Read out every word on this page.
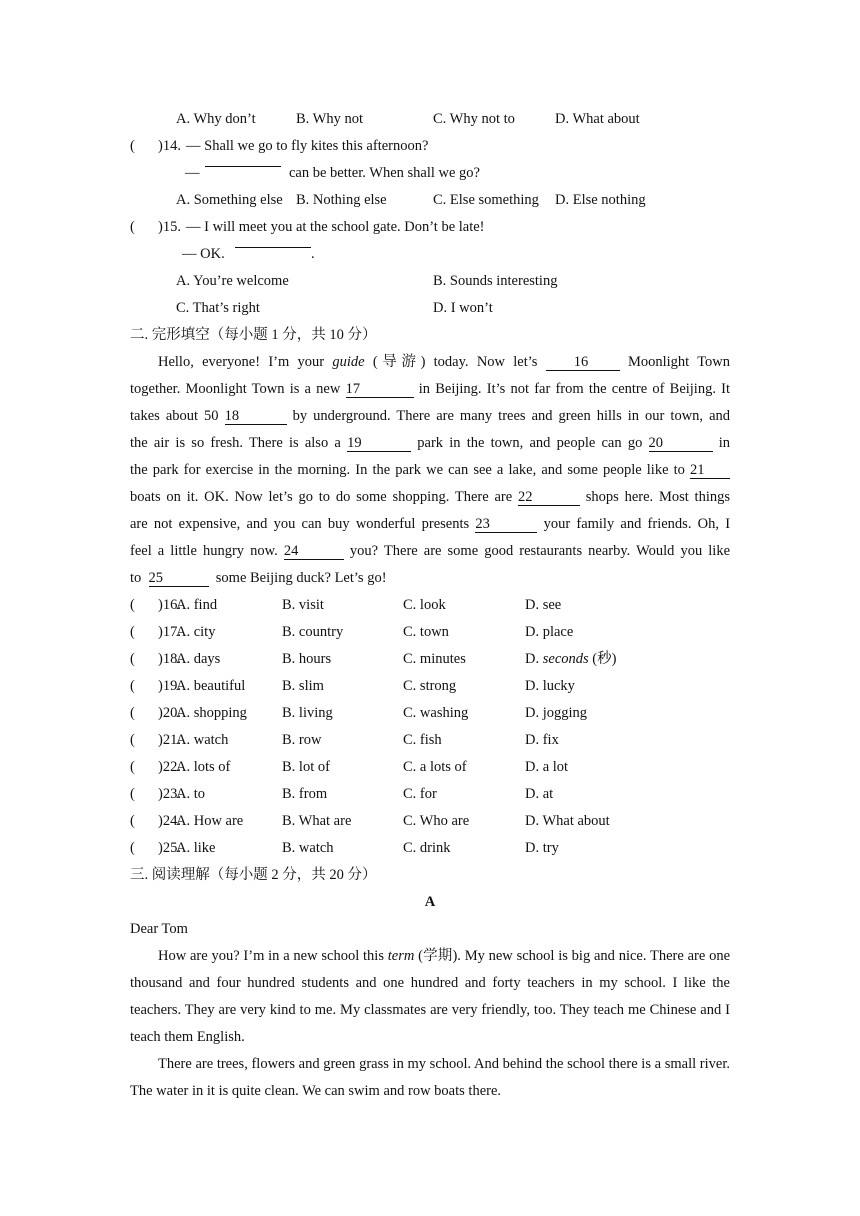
A. Why don’t	B. Why not	C. Why not to	D. What about
( )14. — Shall we go to fly kites this afternoon?
—	can be better. When shall we go?
A. Something else B. Nothing else	C. Else something D. Else nothing
( )15. — I will meet you at the school gate. Don’t be late!
— OK.	.
A. You’re welcome	B. Sounds interesting
C. That’s right	D. I won’t
二. 完形填空（每小题 1 分，共 10 分）
Hello, everyone! I’m your guide (导游) today. Now let’s	16	Moonlight Town
together. Moonlight Town is a new 17	in Beijing. It’s not far from the centre of Beijing. It
takes about 50 18	by underground. There are many trees and green hills in our town, and
the air is so fresh. There is also a 19	park in the town, and people can go 20	in
the park for exercise in the morning. In the park we can see a lake, and some people like to 21
boats on it. OK. Now let’s go to do some shopping. There are 22	shops here. Most things
are not expensive, and you can buy wonderful presents 23	your family and friends. Oh, I
feel a little hungry now. 24	you? There are some good restaurants nearby. Would you like
to 25	some Beijing duck? Let’s go!
( )16.
A. find	B. visit	C. look	D. see
( )17.
A. city	B. country	C. town	D. place
( )18.
A. days	B. hours	C. minutes	D. seconds (秒)
( )19.
A. beautiful	B. slim	C. strong	D. lucky
( )20.
A. shopping B. living	C. washing	D. jogging
( )21.
A. watch	B. row	C. fish	D. fix
( )22.
A. lots of	B. lot of	C. a lots of	D. a lot
( )23.
A. to	B. from	C. for	D. at
( )24.
A. How are	B. What are	C. Who are	D. What about
( )25.
A. like	B. watch	C. drink	D. try
三. 阅读理解（每小题 2 分，共 20 分）
A
Dear Tom
How are you? I’m in a new school this term (学期). My new school is big and nice. There are one thousand and four hundred students and one hundred and forty teachers in my school. I like the teachers. They are very kind to me. My classmates are very friendly, too. They teach me Chinese and I teach them English.
There are trees, flowers and green grass in my school. And behind the school there is a small river. The water in it is quite clean. We can swim and row boats there.
